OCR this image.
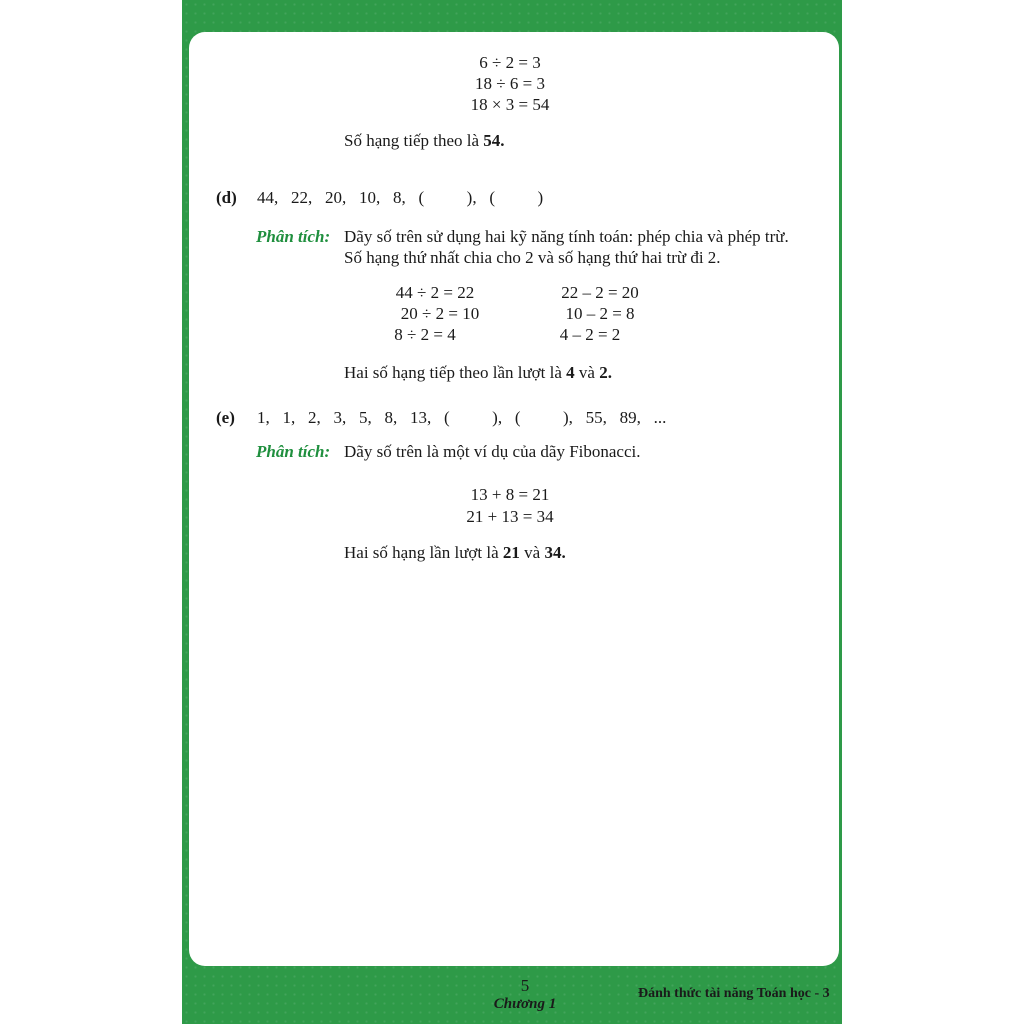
6 ÷ 2 = 3
18 ÷ 6 = 3
18 × 3 = 54
Số hạng tiếp theo là 54.
(d) 44,   22,   20,   10,   8,   (          ),   (          )
Phân tích: Dãy số trên sử dụng hai kỹ năng tính toán: phép chia và phép trừ.
Số hạng thứ nhất chia cho 2 và số hạng thứ hai trừ đi 2.
44 ÷ 2 = 22
20 ÷ 2 = 10
8 ÷ 2 = 4
22 – 2 = 20
10 – 2 = 8
4 – 2 = 2
Hai số hạng tiếp theo lần lượt là 4 và 2.
(e) 1,   1,   2,   3,   5,   8,   13,   (          ),   (          ),   55,   89,   ...
Phân tích: Dãy số trên là một ví dụ của dãy Fibonacci.
13 + 8 = 21
21 + 13 = 34
Hai số hạng lần lượt là 21 và 34.
5
Chương 1
Đánh thức tài năng Toán học - 3
